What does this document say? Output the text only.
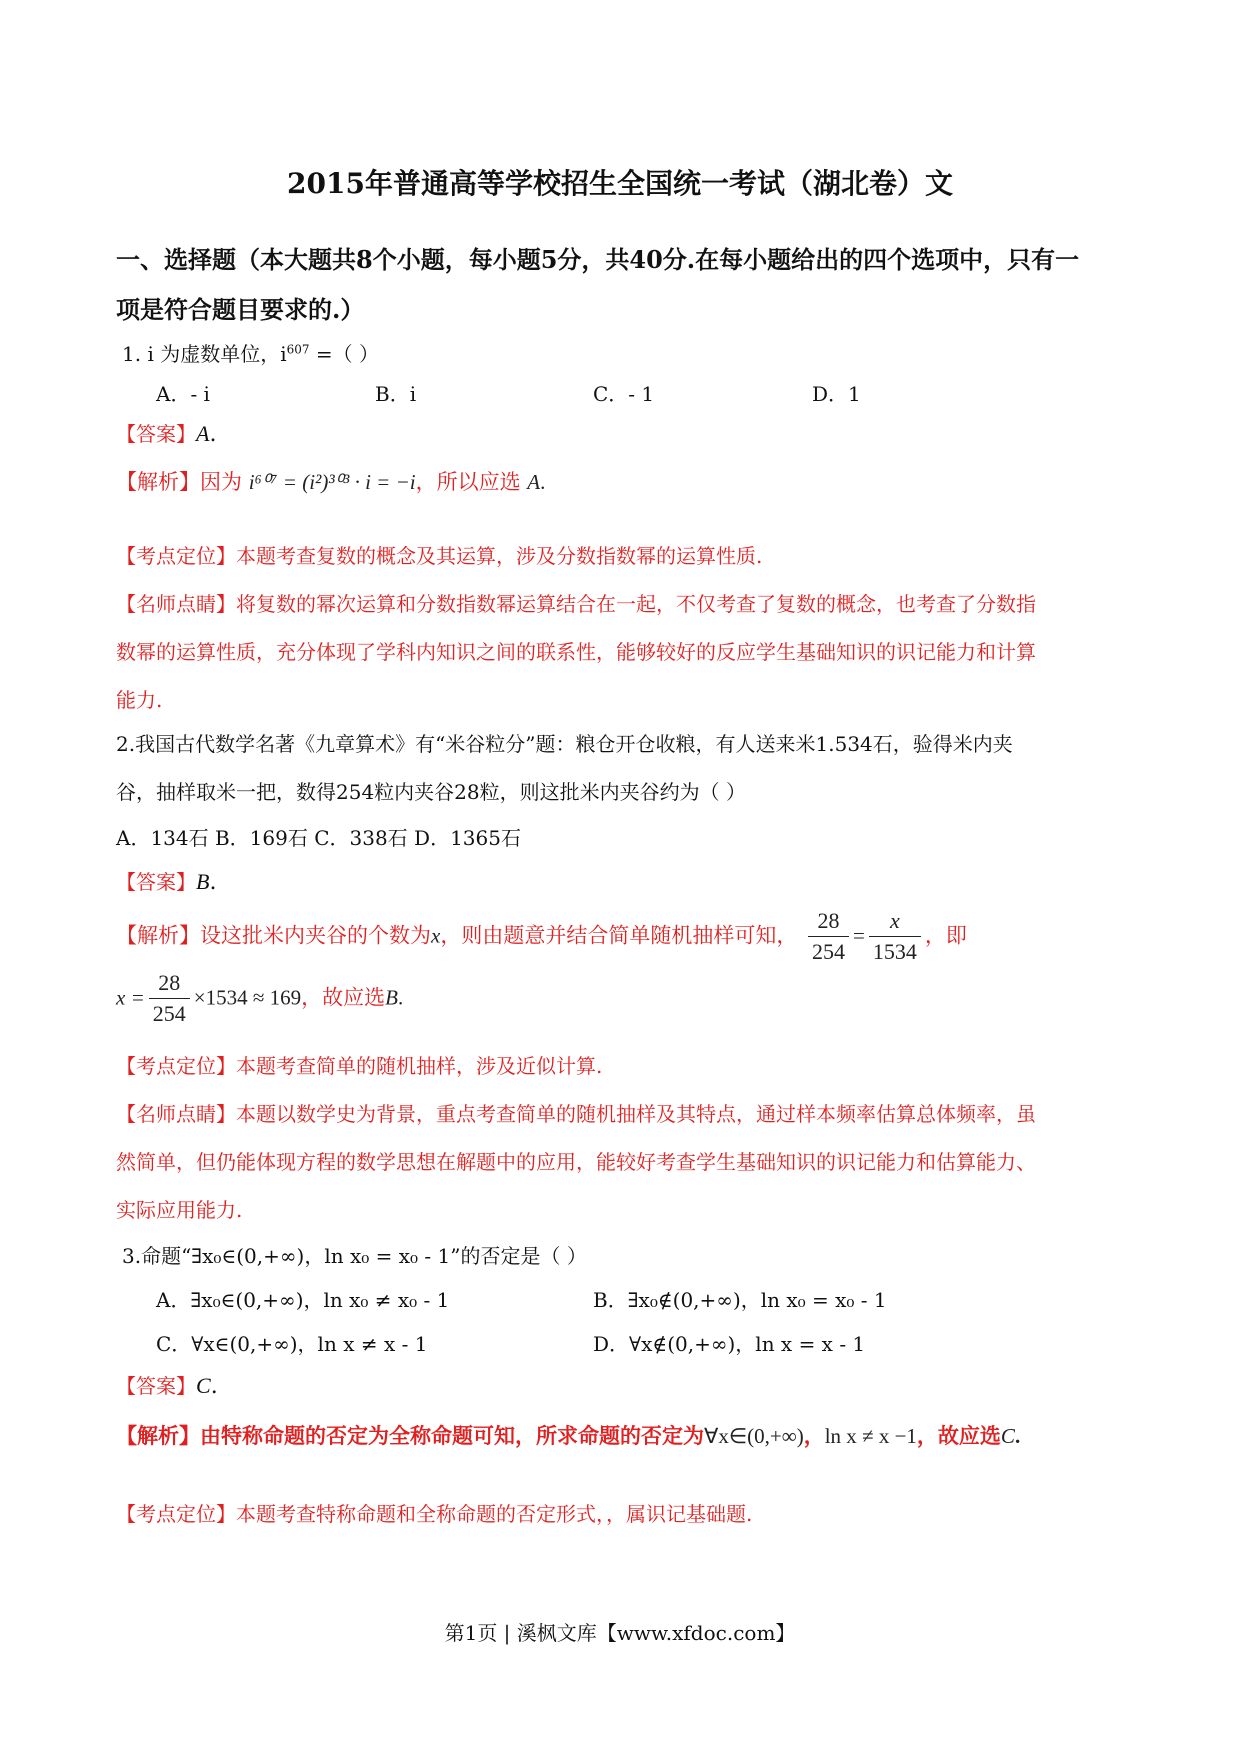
2015年普通高等学校招生全国统一考试（湖北卷）文
一、选择题（本大题共8个小题，每小题5分，共40分.在每小题给出的四个选项中，只有一
项是符合题目要求的.）
1. i 为虚数单位，$i^{607}$ =（ ）
A．- i	B．i	C．- 1	D．1
【答案】A.
【解析】因为 i⁶⁰⁷ = (i²)³⁰³ · i = −i，所以应选 A.
【考点定位】本题考查复数的概念及其运算，涉及分数指数幂的运算性质.
【名师点睛】将复数的幂次运算和分数指数幂运算结合在一起，不仅考查了复数的概念，也考查了分数指
数幂的运算性质，充分体现了学科内知识之间的联系性，能够较好的反应学生基础知识的识记能力和计算
能力.
2.我国古代数学名著《九章算术》有“米谷粒分”题：粮仓开仓收粮，有人送来米1.534石，验得米内夹
谷，抽样取米一把，数得254粒内夹谷28粒，则这批米内夹谷约为（ ）
A．134石 B．169石 C．338石 D．1365石
【答案】B.
【解析】设这批米内夹谷的个数为x，则由题意并结合简单随机抽样可知， $\frac{28}{254} = \frac{x}{1534}$ ，即
$x = \frac{28}{254} \times 1534 \approx 169$，故应选B.
【考点定位】本题考查简单的随机抽样，涉及近似计算.
【名师点睛】本题以数学史为背景，重点考查简单的随机抽样及其特点，通过样本频率估算总体频率，虽
然简单，但仍能体现方程的数学思想在解题中的应用，能较好考查学生基础知识的识记能力和估算能力、
实际应用能力.
3.命题“∃x₀∈(0,+∞)，ln x₀ = x₀ - 1”的否定是（ ）
A．∃x₀∈(0,+∞)，ln x₀ ≠ x₀ - 1	B．∃x₀∉(0,+∞)，ln x₀ = x₀ - 1
C．∀x∈(0,+∞)，ln x ≠ x - 1	D．∀x∉(0,+∞)，ln x = x - 1
【答案】C.
【解析】由特称命题的否定为全称命题可知，所求命题的否定为∀x∈(0,+∞)，ln x ≠ x −1，故应选C.
【考点定位】本题考查特称命题和全称命题的否定形式，，属识记基础题.
第1页 | 溪枫文库【www.xfdoc.com】
